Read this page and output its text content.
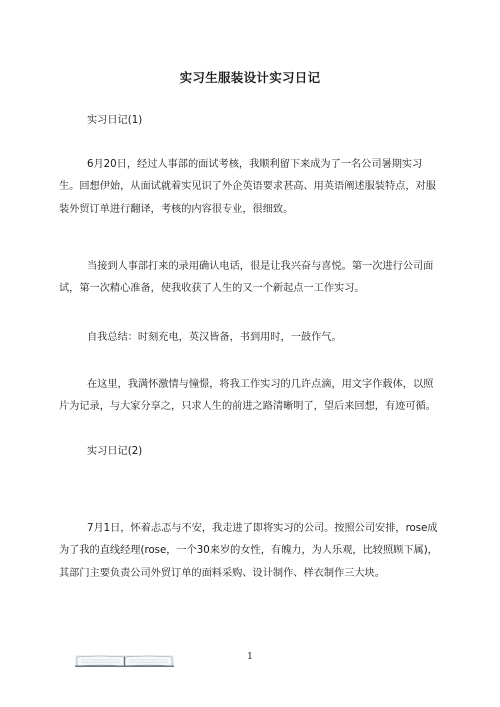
实习生服装设计实习日记
实习日记(1)

6月20日，经过人事部的面试考核，我顺利留下来成为了一名公司暑期实习生。回想伊始，从面试就着实见识了外企英语要求甚高、用英语阐述服装特点，对服装外贸订单进行翻译，考核的内容很专业，很细致。

当接到人事部打来的录用确认电话，很是让我兴奋与喜悦。第一次进行公司面试，第一次精心准备，使我收获了人生的又一个新起点一工作实习。

自我总结：时刻充电，英汉皆备，书到用时，一鼓作气。

在这里，我满怀激情与憧憬，将我工作实习的几许点滴，用文字作载体，以照片为记录，与大家分享之，只求人生的前进之路清晰明了，望后来回想，有迹可循。

实习日记(2)

7月1日，怀着忐忑与不安，我走进了即将实习的公司。按照公司安排，rose成为了我的直线经理(rose，一个30来岁的女性，有魄力，为人乐观，比较照顾下属)，其部门主要负责公司外贸订单的面料采购、设计制作、样衣制作三大块。

1
